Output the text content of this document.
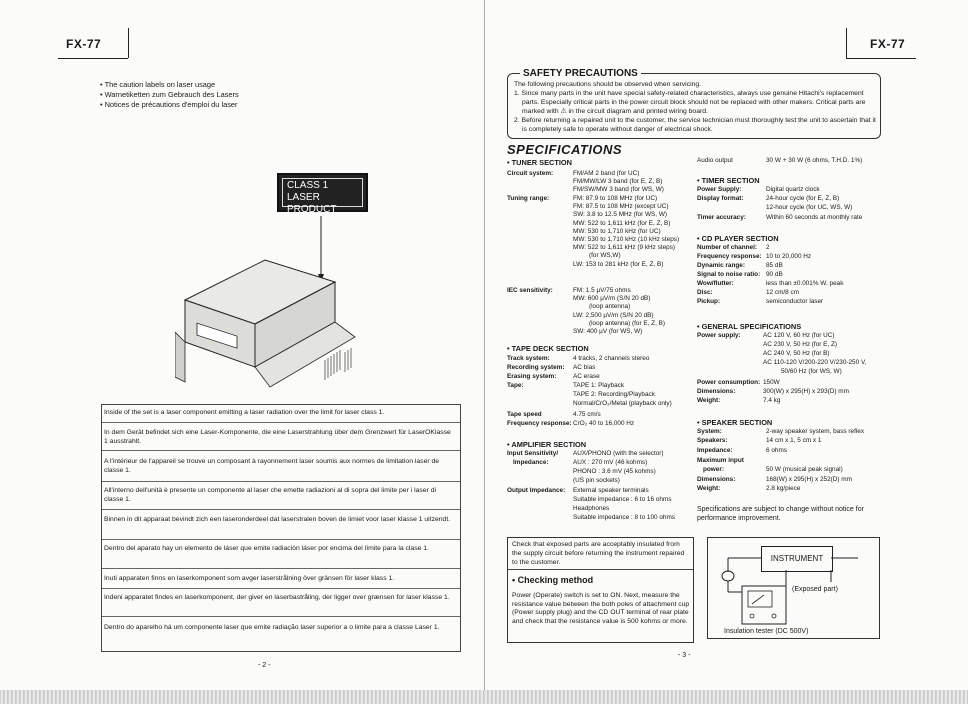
FX-77
• The caution labels on laser usage
• Warnetiketten zum Gebrauch des Lasers
• Notices de précautions d'emploi du laser
CLASS 1
LASER PRODUCT
Inside of the set is a laser component emitting a laser radiation over the limit for laser class 1.
In dem Gerät befindet sich eine Laser-Komponente, die eine Laserstrahlung über dem Grenzwert für LaserOKlasse 1 ausstrahlt.
A l'intérieur de l'appareil se trouve un composant à rayonnement laser soumis aux normes de limitation laser de classe 1.
All'interno dell'unità è presente un componente al laser che emette radiazioni al di sopra del limite per i laser di classe 1.
Binnen in dit apparaat bevindt zich een laseronderdeel dat laserstralen boven de limiet voor laser klasse 1 uitzendt.
Dentro del aparato hay un elemento de láser que emite radiación láser por encima del límite para la clase 1.
Inuti apparaten finns en laserkomponent som avger laserstrålning över gränsen för laser klass 1.
Indeni apparatet findes en laserkomponent, der giver en laserbastråling, der ligger over grænsen for laser klasse 1.
Dentro do aparelho há um componente laser que emite radiação laser superior a o limite para a classe Laser 1.
- 2 -
FX-77
SAFETY PRECAUTIONS
The following precautions should be observed when servicing.
1. Since many parts in the unit have special safety-related characteristics, always use genuine Hitachi's replacement parts. Especially critical parts in the power circuit block should not be replaced with other makers. Critical parts are marked with ⚠ in the circuit diagram and printed wiring board.
2. Before returning a repaired unit to the customer, the service technician must thoroughly test the unit to ascertain that it is completely safe to operate without danger of electrical shock.
SPECIFICATIONS
• TUNER SECTION
Circuit system:	FM/AM 2 band (for UC)
FM/MW/LW 3 band (for E, Z, B)
FM/SW/MW 3 band (for WS, W)
Tuning range:	FM: 87.9 to 108 MHz (for UC)
FM: 87.5 to 108 MHz (except UC)
SW: 3.8 to 12.5 MHz (for WS, W)
MW: 522 to 1,611 kHz (for E, Z, B)
MW: 530 to 1,710 kHz (for UC)
MW: 530 to 1,710 kHz (10 kHz steps)
MW: 522 to 1,611 kHz (9 kHz steps)
(for WS,W)
LW: 153 to 281 kHz (for E, Z, B)
IEC sensitivity:	FM: 1.5 µV/75 ohms
MW: 600 µV/m (S/N 20 dB)
(loop antenna)
LW: 2,500 µV/m (S/N 20 dB)
(loop antenna) (for E, Z, B)
SW: 400 µV (for WS, W)
• TAPE DECK SECTION
Track system:	4 tracks, 2 channels stereo
Recording system: AC bias
Erasing system:	AC erase
Tape:	TAPE 1: Playback
TAPE 2: Recording/Playback
Normal/CrO₂/Metal (playback only)
Tape speed	4.75 cm/s
Frequency response: CrO₂ 40 to 16,000 Hz
• AMPLIFIER SECTION
Input Sensitivity/ AUX/PHONO (with the selector)
Impedance:	AUX : 270 mV (46 kohms)
PHONO : 3.6 mV (45 kohms)
(US pin sockets)
Output Impedance: External speaker terminals
Suitable impedance : 6 to 16 ohms
Headphones
Suitable impedance : 8 to 100 ohms
Audio output	30 W + 30 W (6 ohms, T.H.D. 1%)
• TIMER SECTION
Power Supply:	Digital quartz clock
Display format:	24-hour cycle (for E, Z, B)
12-hour cycle (for UC, WS, W)
Timer accuracy:	Within 60 seconds at monthly rate
• CD PLAYER SECTION
Number of channel: 2
Frequency response: 10 to 20,000 Hz
Dynamic range:	85 dB
Signal to noise ratio: 90 dB
Wow/flutter:	less than ±0.001% W. peak
Disc:	12 cm/8 cm
Pickup:	semiconductor laser
• GENERAL SPECIFICATIONS
Power supply:	AC 120 V, 60 Hz (for UC)
AC 230 V, 50 Hz (for E, Z)
AC 240 V, 50 Hz (for B)
AC 110-120 V/200-220 V/230-250 V,
50/60 Hz (for WS, W)
Power consumption: 150W
Dimensions:	300(W) x 295(H) x 293(D) mm
Weight:	7.4 kg
• SPEAKER SECTION
System:	2-way speaker system, bass reflex
Speakers:	14 cm x 1, 5 cm x 1
Impedance:	6 ohms
Maximum input
power:	50 W (musical peak signal)
Dimensions:	168(W) x 295(H) x 252(D) mm
Weight:	2.8 kg/piece
Specifications are subject to change without notice for performance improvement.
Check that exposed parts are acceptably insulated from the supply circuit before returning the instrument repaired to the customer.
• Checking method
Power (Operate) switch is set to ON. Next, measure the resistance value between the both poles of attachment cup (Power supply plug) and the CD OUT terminal of rear plate and check that the resistance value is 500 kohms or more.
INSTRUMENT
(Exposed part)
Insulation tester (DC 500V)
- 3 -
